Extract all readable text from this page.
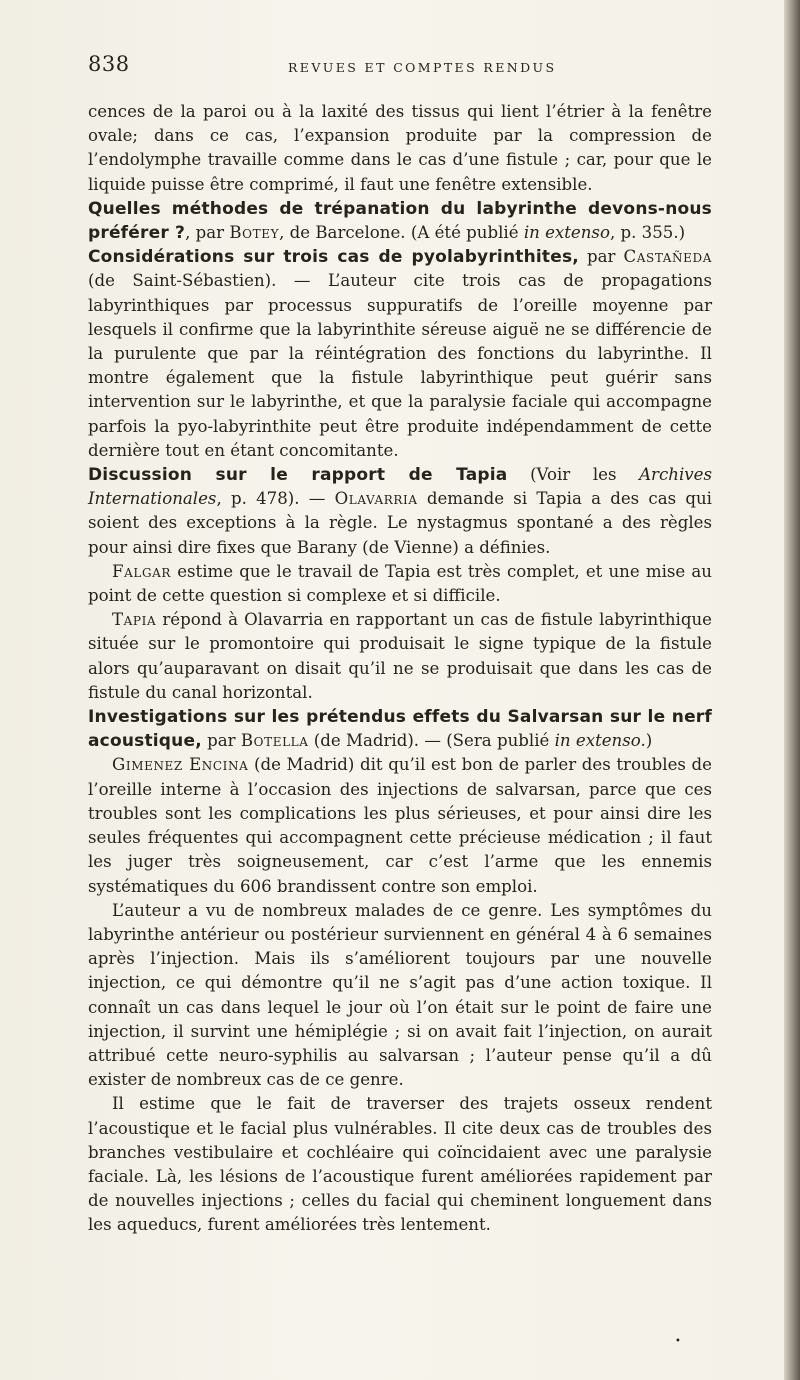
838	REVUES ET COMPTES RENDUS

cences de la paroi ou à la laxité des tissus qui lient l’étrier à la fenêtre ovale; dans ce cas, l’expansion produite par la compression de l’endolymphe travaille comme dans le cas d’une fistule ; car, pour que le liquide puisse être comprimé, il faut une fenêtre extensible.

Quelles méthodes de trépanation du labyrinthe devons-nous préférer ?, par Botey, de Barcelone. (A été publié in extenso, p. 355.)

Considérations sur trois cas de pyolabyrinthites, par Castañeda (de Saint-Sébastien). — L’auteur cite trois cas de propagations labyrinthiques par processus suppuratifs de l’oreille moyenne par lesquels il confirme que la labyrinthite séreuse aiguë ne se différencie de la purulente que par la réintégration des fonctions du labyrinthe. Il montre également que la fistule labyrinthique peut guérir sans intervention sur le labyrinthe, et que la paralysie faciale qui accompagne parfois la pyo-labyrinthite peut être produite indépendamment de cette dernière tout en étant concomitante.

Discussion sur le rapport de Tapia (Voir les Archives Internationales, p. 478). — Olavarria demande si Tapia a des cas qui soient des exceptions à la règle. Le nystagmus spontané a des règles pour ainsi dire fixes que Barany (de Vienne) a définies.

Falgar estime que le travail de Tapia est très complet, et une mise au point de cette question si complexe et si difficile.

Tapia répond à Olavarria en rapportant un cas de fistule labyrinthique située sur le promontoire qui produisait le signe typique de la fistule alors qu’auparavant on disait qu’il ne se produisait que dans les cas de fistule du canal horizontal.

Investigations sur les prétendus effets du Salvarsan sur le nerf acoustique, par Botella (de Madrid). — (Sera publié in extenso.)

Gimenez Encina (de Madrid) dit qu’il est bon de parler des troubles de l’oreille interne à l’occasion des injections de salvarsan, parce que ces troubles sont les complications les plus sérieuses, et pour ainsi dire les seules fréquentes qui accompagnent cette précieuse médication ; il faut les juger très soigneusement, car c’est l’arme que les ennemis systématiques du 606 brandissent contre son emploi.

L’auteur a vu de nombreux malades de ce genre. Les symptômes du labyrinthe antérieur ou postérieur surviennent en général 4 à 6 semaines après l’injection. Mais ils s’améliorent toujours par une nouvelle injection, ce qui démontre qu’il ne s’agit pas d’une action toxique. Il connaît un cas dans lequel le jour où l’on était sur le point de faire une injection, il survint une hémiplégie ; si on avait fait l’injection, on aurait attribué cette neuro-syphilis au salvarsan ; l’auteur pense qu’il a dû exister de nombreux cas de ce genre.

Il estime que le fait de traverser des trajets osseux rendent l’acoustique et le facial plus vulnérables. Il cite deux cas de troubles des branches vestibulaire et cochléaire qui coïncidaient avec une paralysie faciale. Là, les lésions de l’acoustique furent améliorées rapidement par de nouvelles injections ; celles du facial qui cheminent longuement dans les aqueducs, furent améliorées très lentement.

•
